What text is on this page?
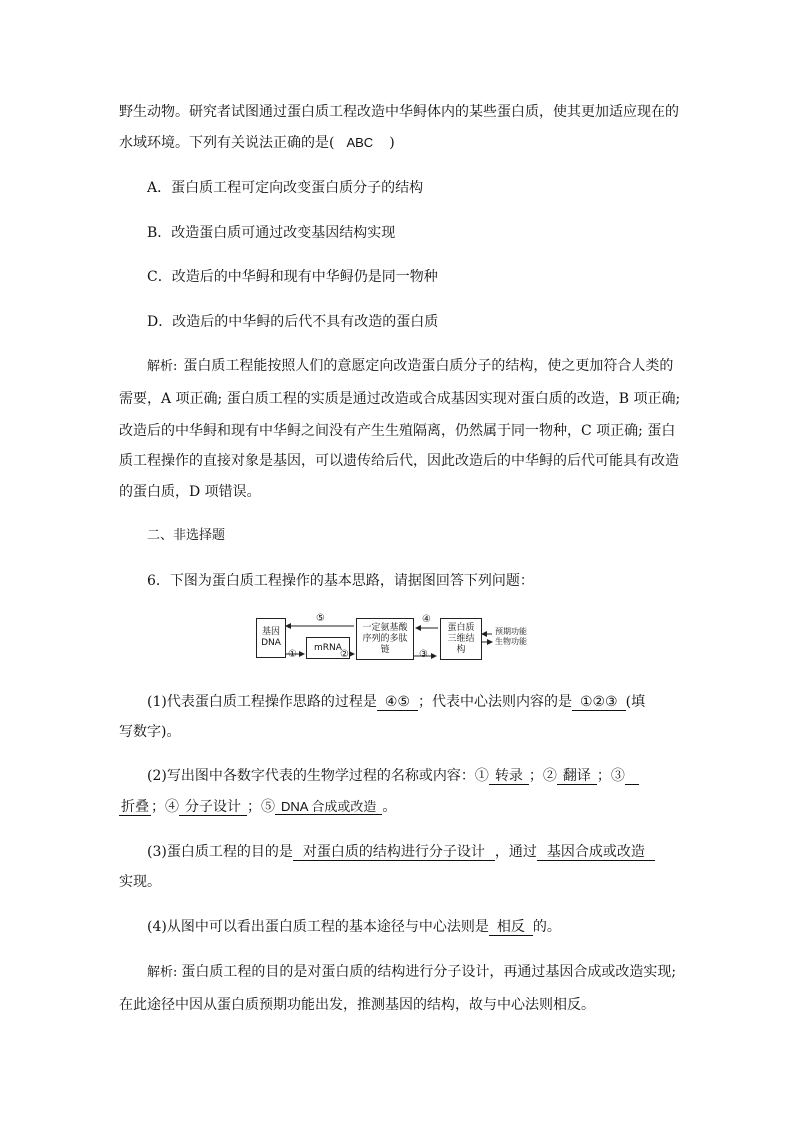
野生动物。研究者试图通过蛋白质工程改造中华鲟体内的某些蛋白质，使其更加适应现在的
水域环境。下列有关说法正确的是( ABC )
A．蛋白质工程可定向改变蛋白质分子的结构
B．改造蛋白质可通过改变基因结构实现
C．改造后的中华鲟和现有中华鲟仍是同一物种
D．改造后的中华鲟的后代不具有改造的蛋白质
解析: 蛋白质工程能按照人们的意愿定向改造蛋白质分子的结构，使之更加符合人类的
需要，A 项正确; 蛋白质工程的实质是通过改造或合成基因实现对蛋白质的改造，B 项正确;
改造后的中华鲟和现有中华鲟之间没有产生生殖隔离，仍然属于同一物种，C 项正确; 蛋白
质工程操作的直接对象是基因，可以遗传给后代，因此改造后的中华鲟的后代可能具有改造
的蛋白质，D 项错误。
二、非选择题
6．下图为蛋白质工程操作的基本思路，请据图回答下列问题：
基因DNA	mRNA
一定氨基酸序列的多肽链
蛋白质三维结构
预期功能
生物功能
①	②	③
④
⑤
(1)代表蛋白质工程操作思路的过程是 ④⑤ ；代表中心法则内容的是 ①②③ (填
写数字)。
(2)写出图中各数字代表的生物学过程的名称或内容：① 转录 ；② 翻译 ；③
折叠 ；④ 分子设计 ；⑤ DNA 合成或改造 。
(3)蛋白质工程的目的是 对蛋白质的结构进行分子设计 ，通过 基因合成或改造
实现。
(4)从图中可以看出蛋白质工程的基本途径与中心法则是 相反 的。
解析: 蛋白质工程的目的是对蛋白质的结构进行分子设计，再通过基因合成或改造实现;
在此途径中因从蛋白质预期功能出发，推测基因的结构，故与中心法则相反。
